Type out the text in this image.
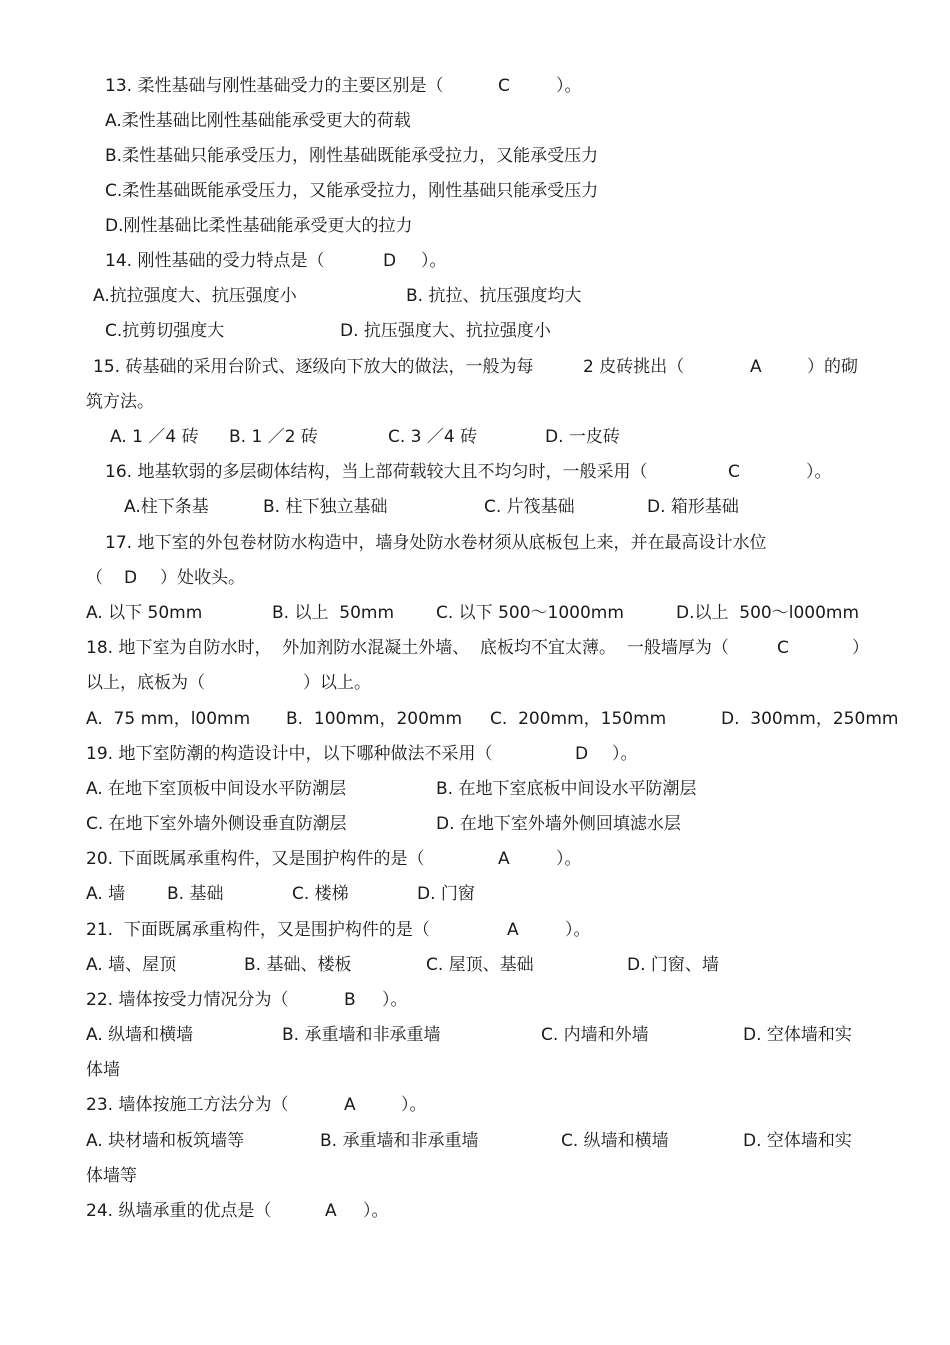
13. 柔性基础与刚性基础受力的主要区别是（	C	）。
A.柔性基础比刚性基础能承受更大的荷载
B.柔性基础只能承受压力，刚性基础既能承受拉力，又能承受压力
C.柔性基础既能承受压力，又能承受拉力，刚性基础只能承受压力
D.刚性基础比柔性基础能承受更大的拉力
14. 刚性基础的受力特点是（	D ）。
A.抗拉强度大、抗压强度小	B. 抗拉、抗压强度均大
C.抗剪切强度大	D. 抗压强度大、抗拉强度小
15. 砖基础的采用台阶式、逐级向下放大的做法，一般为每	2 皮砖挑出（	A	）的砌
筑方法。
A. 1 ／4 砖 B. 1 ／2 砖	C. 3 ／4 砖	D. 一皮砖
16. 地基软弱的多层砌体结构，当上部荷载较大且不均匀时，一般采用（	C	）。
A.柱下条基	B. 柱下独立基础	C. 片筏基础	D. 箱形基础
17. 地下室的外包卷材防水构造中，墙身处防水卷材须从底板包上来，并在最高设计水位
（ D ）处收头。
A. 以下 50mm	B. 以上  50mm C. 以下 500～1000mm	D.以上  500～l000mm
18. 地下室为自防水时，  外加剂防水混凝土外墙、  底板均不宜太薄。  一般墙厚为（	C	）
以上，底板为（	）以上。
A.  75 mm，l00mm B.  100mm，200mm C.  200mm，150mm	D.  300mm，250mm
19. 地下室防潮的构造设计中，以下哪种做法不采用（	D ）。
A. 在地下室顶板中间设水平防潮层	B. 在地下室底板中间设水平防潮层
C. 在地下室外墙外侧设垂直防潮层	D. 在地下室外墙外侧回填滤水层
20. 下面既属承重构件，又是围护构件的是（	A	）。
A. 墙 B. 基础	C. 楼梯	D. 门窗
21.  下面既属承重构件，又是围护构件的是（	A	）。
A. 墙、屋顶	B. 基础、楼板	C. 屋顶、基础	D. 门窗、墙
22. 墙体按受力情况分为（	B ）。
A. 纵墙和横墙	B. 承重墙和非承重墙	C. 内墙和外墙	D. 空体墙和实
体墙
23. 墙体按施工方法分为（	A	）。
A. 块材墙和板筑墙等	B. 承重墙和非承重墙	C. 纵墙和横墙	D. 空体墙和实
体墙等
24. 纵墙承重的优点是（	A ）。
